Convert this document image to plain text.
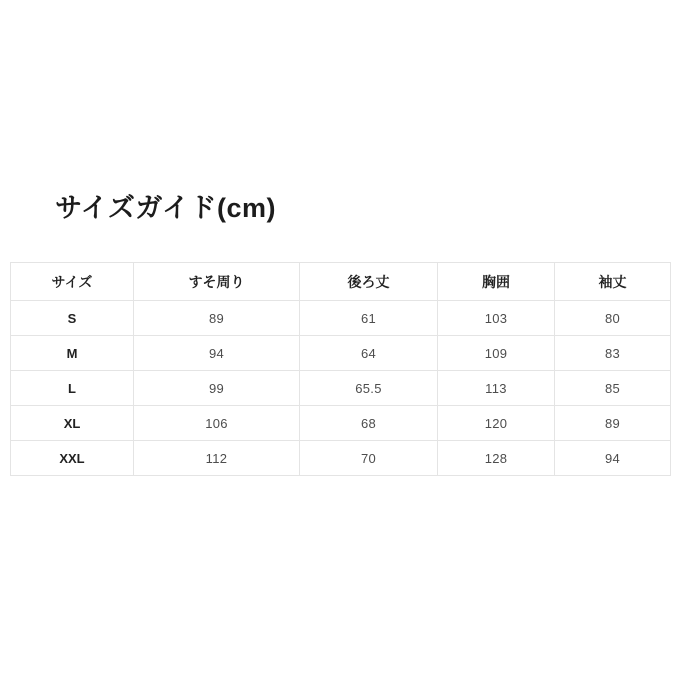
サイズガイド(cm)
サイズ	すそ周り	後ろ丈	胸囲	袖丈
S	89	61	103	80
M	94	64	109	83
L	99	65.5	113	85
XL	106	68	120	89
XXL	112	70	128	94
